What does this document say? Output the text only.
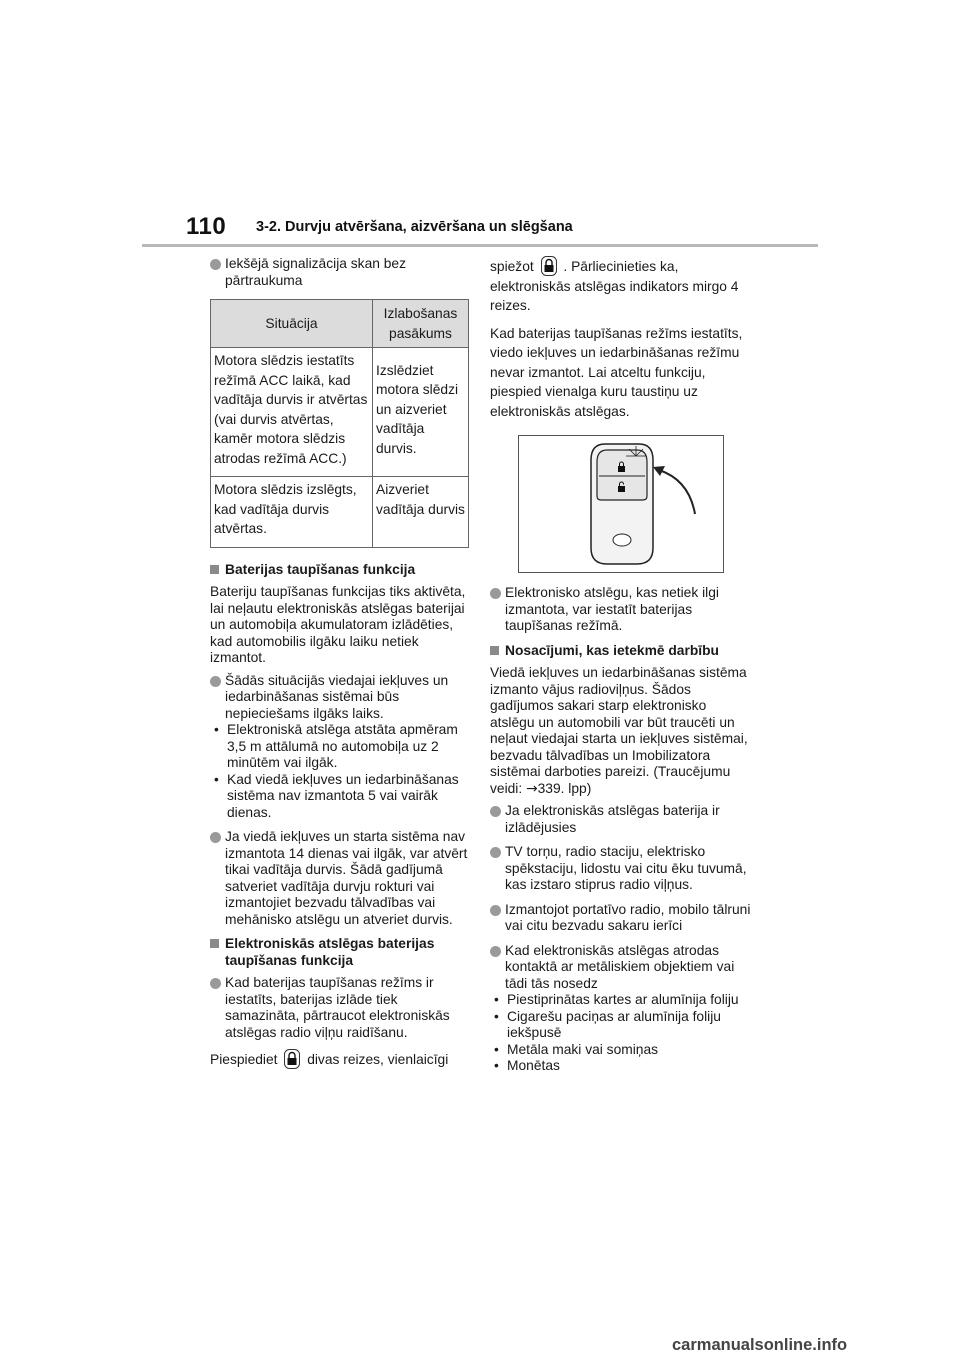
110 3-2. Durvju atvēršana, aizvēršana un slēgšana
Iekšējā signalizācija skan bez pārtraukuma
Situācija	Izlabošanas pasākums
Motora slēdzis iestatīts režīmā ACC laikā, kad vadītāja durvis ir atvērtas (vai durvis atvērtas, kamēr motora slēdzis atrodas režīmā ACC.)	Izslēdziet motora slēdzi un aizveriet vadītāja durvis.
Motora slēdzis izslēgts, kad vadītāja durvis atvērtas.	Aizveriet vadītāja durvis
Baterijas taupīšanas funkcija

Bateriju taupīšanas funkcijas tiks aktivēta, lai neļautu elektroniskās atslēgas baterijai un automobiļa akumulatoram izlādēties, kad automobilis ilgāku laiku netiek izmantot.

Šādās situācijās viedajai iekļuves un iedarbināšanas sistēmai būs nepieciešams ilgāks laiks.
• Elektroniskā atslēga atstāta apmēram 3,5 m attālumā no automobiļa uz 2 minūtēm vai ilgāk.
• Kad viedā iekļuves un iedarbināšanas sistēma nav izmantota 5 vai vairāk dienas.
Ja viedā iekļuves un starta sistēma nav izmantota 14 dienas vai ilgāk, var atvērt tikai vadītāja durvis. Šādā gadījumā satveriet vadītāja durvju rokturi vai izmantojiet bezvadu tālvadības vai mehānisko atslēgu un atveriet durvis.
Elektroniskās atslēgas baterijas taupīšanas funkcija
Kad baterijas taupīšanas režīms ir iestatīts, baterijas izlāde tiek samazināta, pārtraucot elektroniskās atslēgas radio viļņu raidīšanu.

Piespiediet divas reizes, vienlaicīgi

spiežot . Pārliecinieties ka, elektroniskās atslēgas indikators mirgo 4 reizes.

Kad baterijas taupīšanas režīms iestatīts, viedo iekļuves un iedarbināšanas režīmu nevar izmantot. Lai atceltu funkciju, piespied vienalga kuru taustiņu uz elektroniskās atslēgas.

Elektronisko atslēgu, kas netiek ilgi izmantota, var iestatīt baterijas taupīšanas režīmā.
Nosacījumi, kas ietekmē darbību

Viedā iekļuves un iedarbināšanas sistēma izmanto vājus radioviļņus. Šādos gadījumos sakari starp elektronisko atslēgu un automobili var būt traucēti un neļaut viedajai starta un iekļuves sistēmai, bezvadu tālvadības un Imobilizatora sistēmai darboties pareizi. (Traucējumu veidi: →339. lpp)

Ja elektroniskās atslēgas baterija ir izlādējusies
TV torņu, radio staciju, elektrisko spēkstaciju, lidostu vai citu ēku tuvumā, kas izstaro stiprus radio viļņus.
Izmantojot portatīvo radio, mobilo tālruni vai citu bezvadu sakaru ierīci
Kad elektroniskās atslēgas atrodas kontaktā ar metāliskiem objektiem vai tādi tās nosedz
• Piestiprinātas kartes ar alumīnija foliju
• Cigarešu paciņas ar alumīnija foliju iekšpusē
• Metāla maki vai somiņas
• Monētas
carmanualsonline.info
